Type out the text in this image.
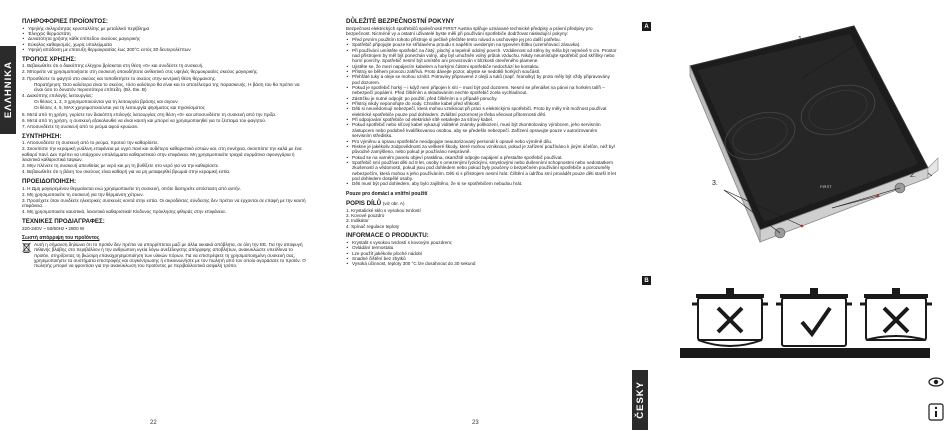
ΕΛΛΗΝΙΚΑ
ΠΛΗΡΟΦΟΡΙΕΣ ΠΡΟΪΟΝΤΟΣ:
• Υψηλής σκληρότητας κρυσταλλίτης με μεταλλικό περίβλημα
• Έλεγχος θερμοστάτη
• Δυνατότητα χρήσης κάθε επίπεδου σκεύους μαγειρικής
• Εύκολος καθαρισμός, χωρίς υπολείμματα
• Υψηλή απόδοση με επιτευξη θερμοκρασίας έως 300°C εντός 30 δευτερολέπτων
ΤΡΟΠΟΣ ΧΡΗΣΗΣ:

1. Βεβαιωθείτε ότι ο διακόπτης ελέγχου βρίσκεται στη θέση «0» και συνδέστε τη συσκευή.

2. Μπορείτε να χρησιμοποιήσετε στη συσκευή οποιοδήποτε ανθεκτικό στις υψηλές θερμοκρασίες σκεύος μαγειρικής.

3. Προσθέστε το φαγητό στο σκεύος και τοποθετήστε το σκεύος στην κεντρική θέση θέρμανσης.

Παρατήρηση: Όσο καλύτερα είναι το σκεύος, τόσο καλύτερο θα είναι και το αποτέλεσμα της παρασκευής. Η βάση του θα πρέπει να είναι όσο το δυνατόν περισσότερο επίπεδη. (Βλ. Εικ. Β)

4. Διακόπτης επιλογής λειτουργίας:

Οι θέσεις 1, 2, 3 χρησιμοποιούνται για τη λειτουργία βράσης και σιγουν

Οι θέσεις 4, 5, MAX χρησιμοποιούνται για τη λειτουργία ψησίματος και τηγανίσματος

5. Μετά από τη χρήση, γυρίστε τον διακόπτη επιλογής λειτουργίας στη θέση «0» και αποσυνδέστε τη συσκευή από την πρίζα.

6. Μετά από τη χρήση, η συσκευή εξακολουθεί να είναι καυτή και μπορεί να χρησιμοποιηθεί για το ζέσταμα του φαγητού.

7. Αποσυνδέετε τη συσκευή από το ρεύμα αφού κρυώσει.

ΣΥΝΤΗΡΗΣΗ:

1. Αποσυνδέστε τη συσκευή από το ρεύμα, προτού την καθαρίσετε.

2. Σκουπίστε την κεραμική γυάλινη επιφάνεια με υγρό πανί και ουδέτερο καθαριστικό εστιών και, στη συνέχεια, σκουπίστε την καλά με ένα καθαρό πανί. Δεν πρέπει να υπάρχουν υπολείμματα καθαριστικού στην επιφάνεια. Μη χρησιμοποιείτε τραχιά συρμάτινα σφουγγάρια ή λειαντικά καθαριστικά ταψιών.

3. Μην πλένετε τη συσκευή απευθείας με νερό και μη τη βυθίζετε στο νερό για να την καθαρίσετε.

4. Βεβαιωθείτε ότι η βάση του σκεύους είναι καθαρή για να μη μεταφερθεί βρωμιά στην κεραμική εστία.

ΠΡΟΕΙΔΟΠΟΙΗΣΗ:

1. Η Ωμη μαγειρεμένου θερμαίνεται ενώ χρησιμοποιείτε τη συσκευή, οπότε διατηρείτε απόσταση από αυτήν.

2. Μη χρησιμοποιείτε τη συσκευή για την θέρμανση χύτρων.

3. Προσέχετε όταν συνδέετε ηλεκτρικές συσκευές κοντά στην εστία. Οι ακροδέκτες σύνδεσης δεν πρέπει να έρχονται σε επαφή με την καυτή επιφάνεια.

4. Μη χρησιμοποιείτε καυστικά, λειαντικά καθαριστικά! Κίνδυνος πρόκλησης φθοράς στην επιφάνεια.

ΤΕΧΝΙΚΕΣ ΠΡΟΔΙΑΓΡΑΦΕΣ:

220-240V ~ 50/60Hz • 2800 W

Σωστή απόρριψη του προϊόντος

Αυτή η σήμανση δηλώνει ότι το προϊόν δεν πρέπει να απορρίπτεται μαζί με άλλα οικιακά απόβλητα, σε όλη την ΕΕ. Για την αποφυγή πιθανής βλάβης στο περιβάλλον ή την ανθρώπινη υγεία λόγω ανεξέλεγκτης απόρριψης αποβλήτων, ανακυκλώστε υπεύθυνα το προϊόν, στηρίζοντας τη βιώσιμη επαναχρησιμοποίηση των υλικών πόρων. Για να επιστρέψετε τη χρησιμοποιημένη συσκευή σας, χρησιμοποιήστε τα συστήματα επιστροφής και συγκέντρωσης ή επικοινωνήστε με τον πωλητή από τον οποίο αγοράσατε το προϊόν. Ο πωλητής μπορεί να φροντίσει για την ανακύκλωση του προϊόντος με περιβαλλοντικά ασφαλή τρόπο.

22
DŮLEŽITÉ BEZPEČNOSTNÍ POKYNY

Bezpečnost elektrických spotřebičů společnosti FIRST Austria splňuje uznávané technické předpisy a právní předpisy pro bezpečnost. Nicméně vy a ostatní uživatelé byste měli při používání spotřebiče dodržovat následující pokyny:

• Před prvním použitím tohoto přístroje si pečlivě přečtěte tento návod a uschovejte jej pro další potřebu.
• Spotřebič připojujte pouze ke střídavému proudu s napětím uvedeným na typovém štítku (uzemňovací zásuvka).
• Při používání umístěte spotřebič na čistý, plochý a tepelně odolný povrch. Vzdálenost od stěny by měla být nejméně 5 cm. Prostor nad přístrojem by měl být ponechán volný, aby byl umožněn volný průtok vzduchu. Nikdy neumísťujte spotřebič pod skříňky nebo horní povrchy. Spotřebič nesmí být umístěn ani provozován v blízkosti otevřeného plamene.
• Ujistěte se, že mezi napájecím kabelem a horkými částmi spotřebiče nedochází ke kontaktu.
• Přístroj se během provozu zahřívá. Proto dávejte pozor, abyste se nedotkli horkých součástí.
• Přehřáté tuky a oleje se mohou vznítit. Potraviny připravené z olejů a tuků (např. hranolky) by proto měly být vždy připravovány pod dozorem.
• Pokud je spotřebič horký – i když není připojen k síti – musí být pod dozorem. Nesmí se přenášet na pánvi na horkém talíři – nebezpečí popálení. Před čištěním a skladováním nechte spotřebič zcela vychladnout.
• Zástrčku je nutné odpojit: po použití, před čištěním a v případě poruchy.
• Přístroj nikdy neponořujte do vody. Chraňte kabel před vlhkostí.
• Děti si neuvědomují nebezpečí, která mohou vzniknout při práci s elektrickými spotřebiči. Proto by měly mít možnost používat elektrické spotřebiče pouze pod dohledem. Zvláštní pozornost je třeba věnovat přítomnosti dětí.
• Při odpojování spotřebiče od elektrické sítě netahejte za síťový kabel.
• Pokud spotřebič nebo síťový kabel vykazují viditelné známky poškození, musí být zkontrolovány výrobcem, jeho servisním zástupcem nebo podobně kvalifikovanou osobou, aby se předešlo nebezpečí. Zařízení opravujte pouze v autorizovaném servisním středisku.
• Pro výměnu a opravu spotřebiče neodpojujte neautorizovaný personál k opravě nebo výměně dílu.
• Riskne je jakékoliv zodpovědnosti za veškeré škody, které mohou vzniknout, pokud je zařízení používáno k jiným účelům, než byl původně zamýšleno, nebo pokud je používáno nesprávně.
• Pokud se na varném panelu objeví prasklina, okamžitě odpojte napájení a přestaňte spotřebič používat.
• Spotřebič smí používat děti od 8 let, osoby s omezenými fyzickými, smyslovými nebo duševními schopnostmi nebo nedostatkem zkušeností a vědomostí, pokud jsou pod dohledem nebo pokud byly poučeny o bezpečném používání spotřebiče a porozuměly nebezpečím, která mohou s jeho používáním. Děti si s přístrojem nesmí hrát. Čištění a údržbu smí provádět pouze děti starší 8 let pod dohledem dospělé osoby.
• Děti musí být pod dohledem, aby bylo zajištěno, že si se spotřebičem nebudou hrát.
Pouze pro domácí a vnitřní použití
POPIS DÍLŮ (viz obr. A)
1. Krystalické sklo s vysokou tvrdostí
2. Kovové pouzdro
3. Indikátor
4. Spínač regulace teploty
INFORMACE O PRODUKTU:
• Krystalit s vysokou tvrdostí s kovovým pouzdrem;
• Ovládání termostatu
• Lze použít jakékoliv ploché nádobí
• Snadné čištění bez zbytků
• Vysoká účinnost, teploty 300 °C lze dosáhnout do 30 sekund
23
A
FIRST
1.
2.
3.
4.
B
ČESKY
